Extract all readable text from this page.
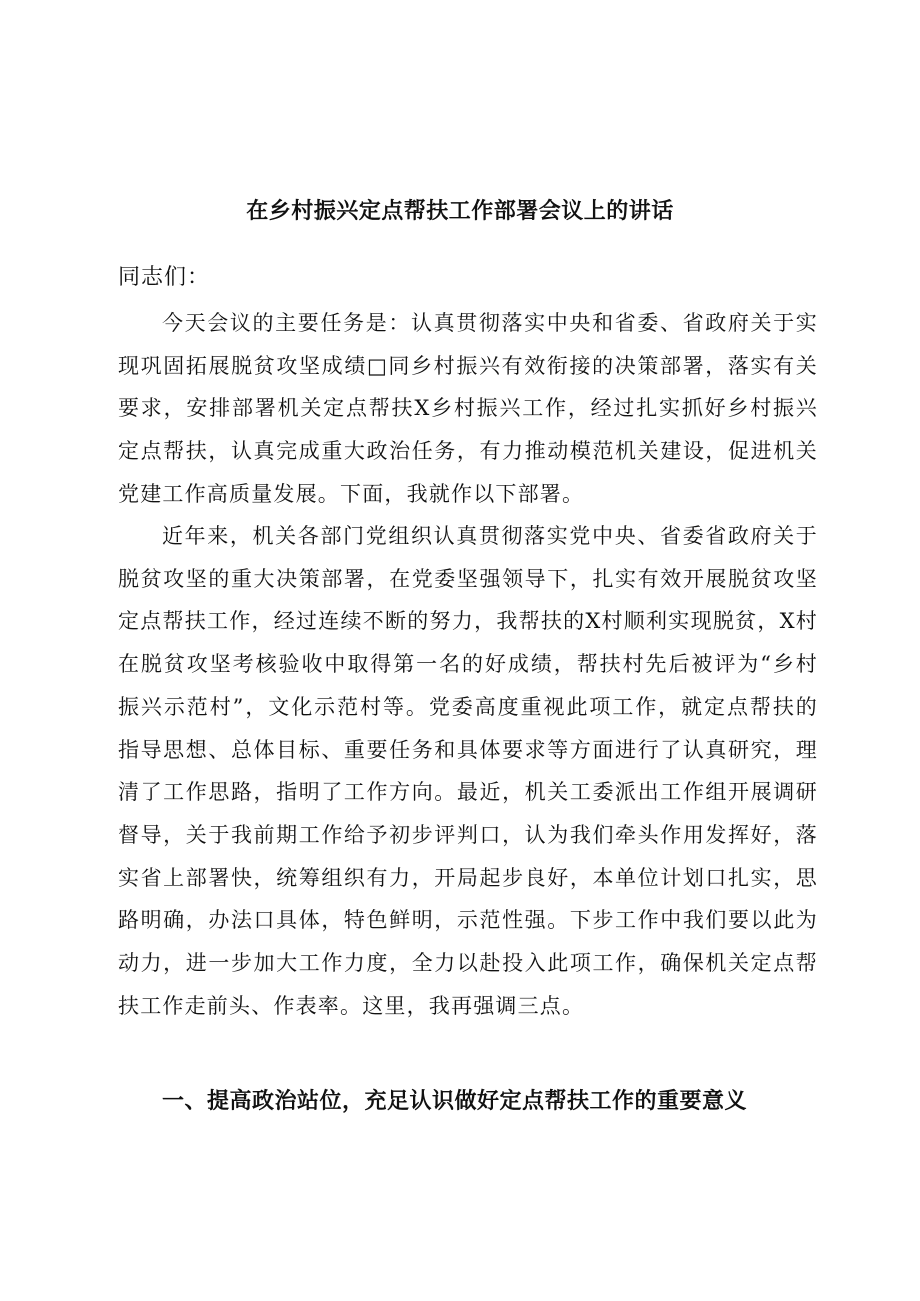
在乡村振兴定点帮扶工作部署会议上的讲话
同志们：

今天会议的主要任务是：认真贯彻落实中央和省委、省政府关于实现巩固拓展脱贫攻坚成绩□同乡村振兴有效衔接的决策部署，落实有关要求，安排部署机关定点帮扶X乡村振兴工作，经过扎实抓好乡村振兴定点帮扶，认真完成重大政治任务，有力推动模范机关建设，促进机关党建工作高质量发展。下面，我就作以下部署。

近年来，机关各部门党组织认真贯彻落实党中央、省委省政府关于脱贫攻坚的重大决策部署，在党委坚强领导下，扎实有效开展脱贫攻坚定点帮扶工作，经过连续不断的努力，我帮扶的X村顺利实现脱贫，X村在脱贫攻坚考核验收中取得第一名的好成绩，帮扶村先后被评为“乡村振兴示范村”，文化示范村等。党委高度重视此项工作，就定点帮扶的指导思想、总体目标、重要任务和具体要求等方面进行了认真研究，理清了工作思路，指明了工作方向。最近，机关工委派出工作组开展调研督导，关于我前期工作给予初步评判口，认为我们牵头作用发挥好，落实省上部署快，统筹组织有力，开局起步良好，本单位计划口扎实，思路明确，办法口具体，特色鲜明，示范性强。下步工作中我们要以此为动力，进一步加大工作力度，全力以赴投入此项工作，确保机关定点帮扶工作走前头、作表率。这里，我再强调三点。

一、提高政治站位，充足认识做好定点帮扶工作的重要意义
